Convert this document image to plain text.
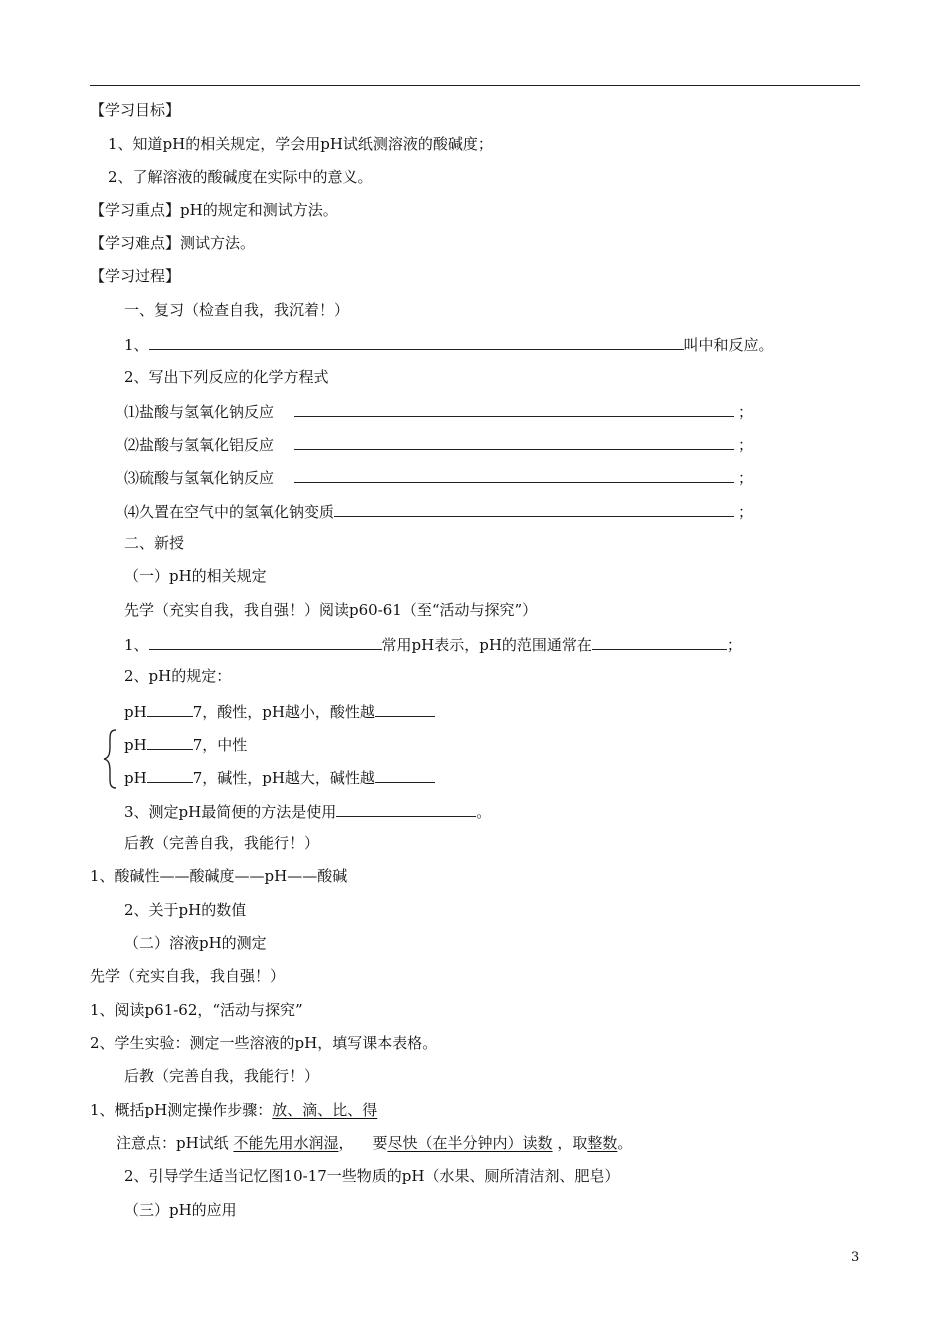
【学习目标】
1、知道pH的相关规定，学会用pH试纸测溶液的酸碱度；
2、了解溶液的酸碱度在实际中的意义。
【学习重点】pH的规定和测试方法。
【学习难点】测试方法。
【学习过程】
一、复习（检查自我，我沉着！）
1、	叫中和反应。
2、写出下列反应的化学方程式
⑴盐酸与氢氧化钠反应	；
⑵盐酸与氢氧化铝反应	；
⑶硫酸与氢氧化钠反应	；
⑷久置在空气中的氢氧化钠变质	；
二、新授
（一）pH的相关规定
先学（充实自我，我自强！）阅读p60-61（至“活动与探究”）
1、	常用pH表示，pH的范围通常在	；
2、pH的规定：
pH	7，酸性，pH越小，酸性越
pH	7，中性
pH	7，碱性，pH越大，碱性越
3、测定pH最简便的方法是使用	。
后教（完善自我，我能行！）
1、酸碱性——酸碱度——pH——酸碱
2、关于pH的数值
（二）溶液pH的测定
先学（充实自我，我自强！）
1、阅读p61-62，“活动与探究”
2、学生实验：测定一些溶液的pH，填写课本表格。
后教（完善自我，我能行！）
1、概括pH测定操作步骤：放、滴、比、得
注意点：pH试纸 不能先用水润湿，    要尽快（在半分钟内）读数 ，取整数。
2、引导学生适当记忆图10-17一些物质的pH（水果、厕所清洁剂、肥皂）
（三）pH的应用
3
